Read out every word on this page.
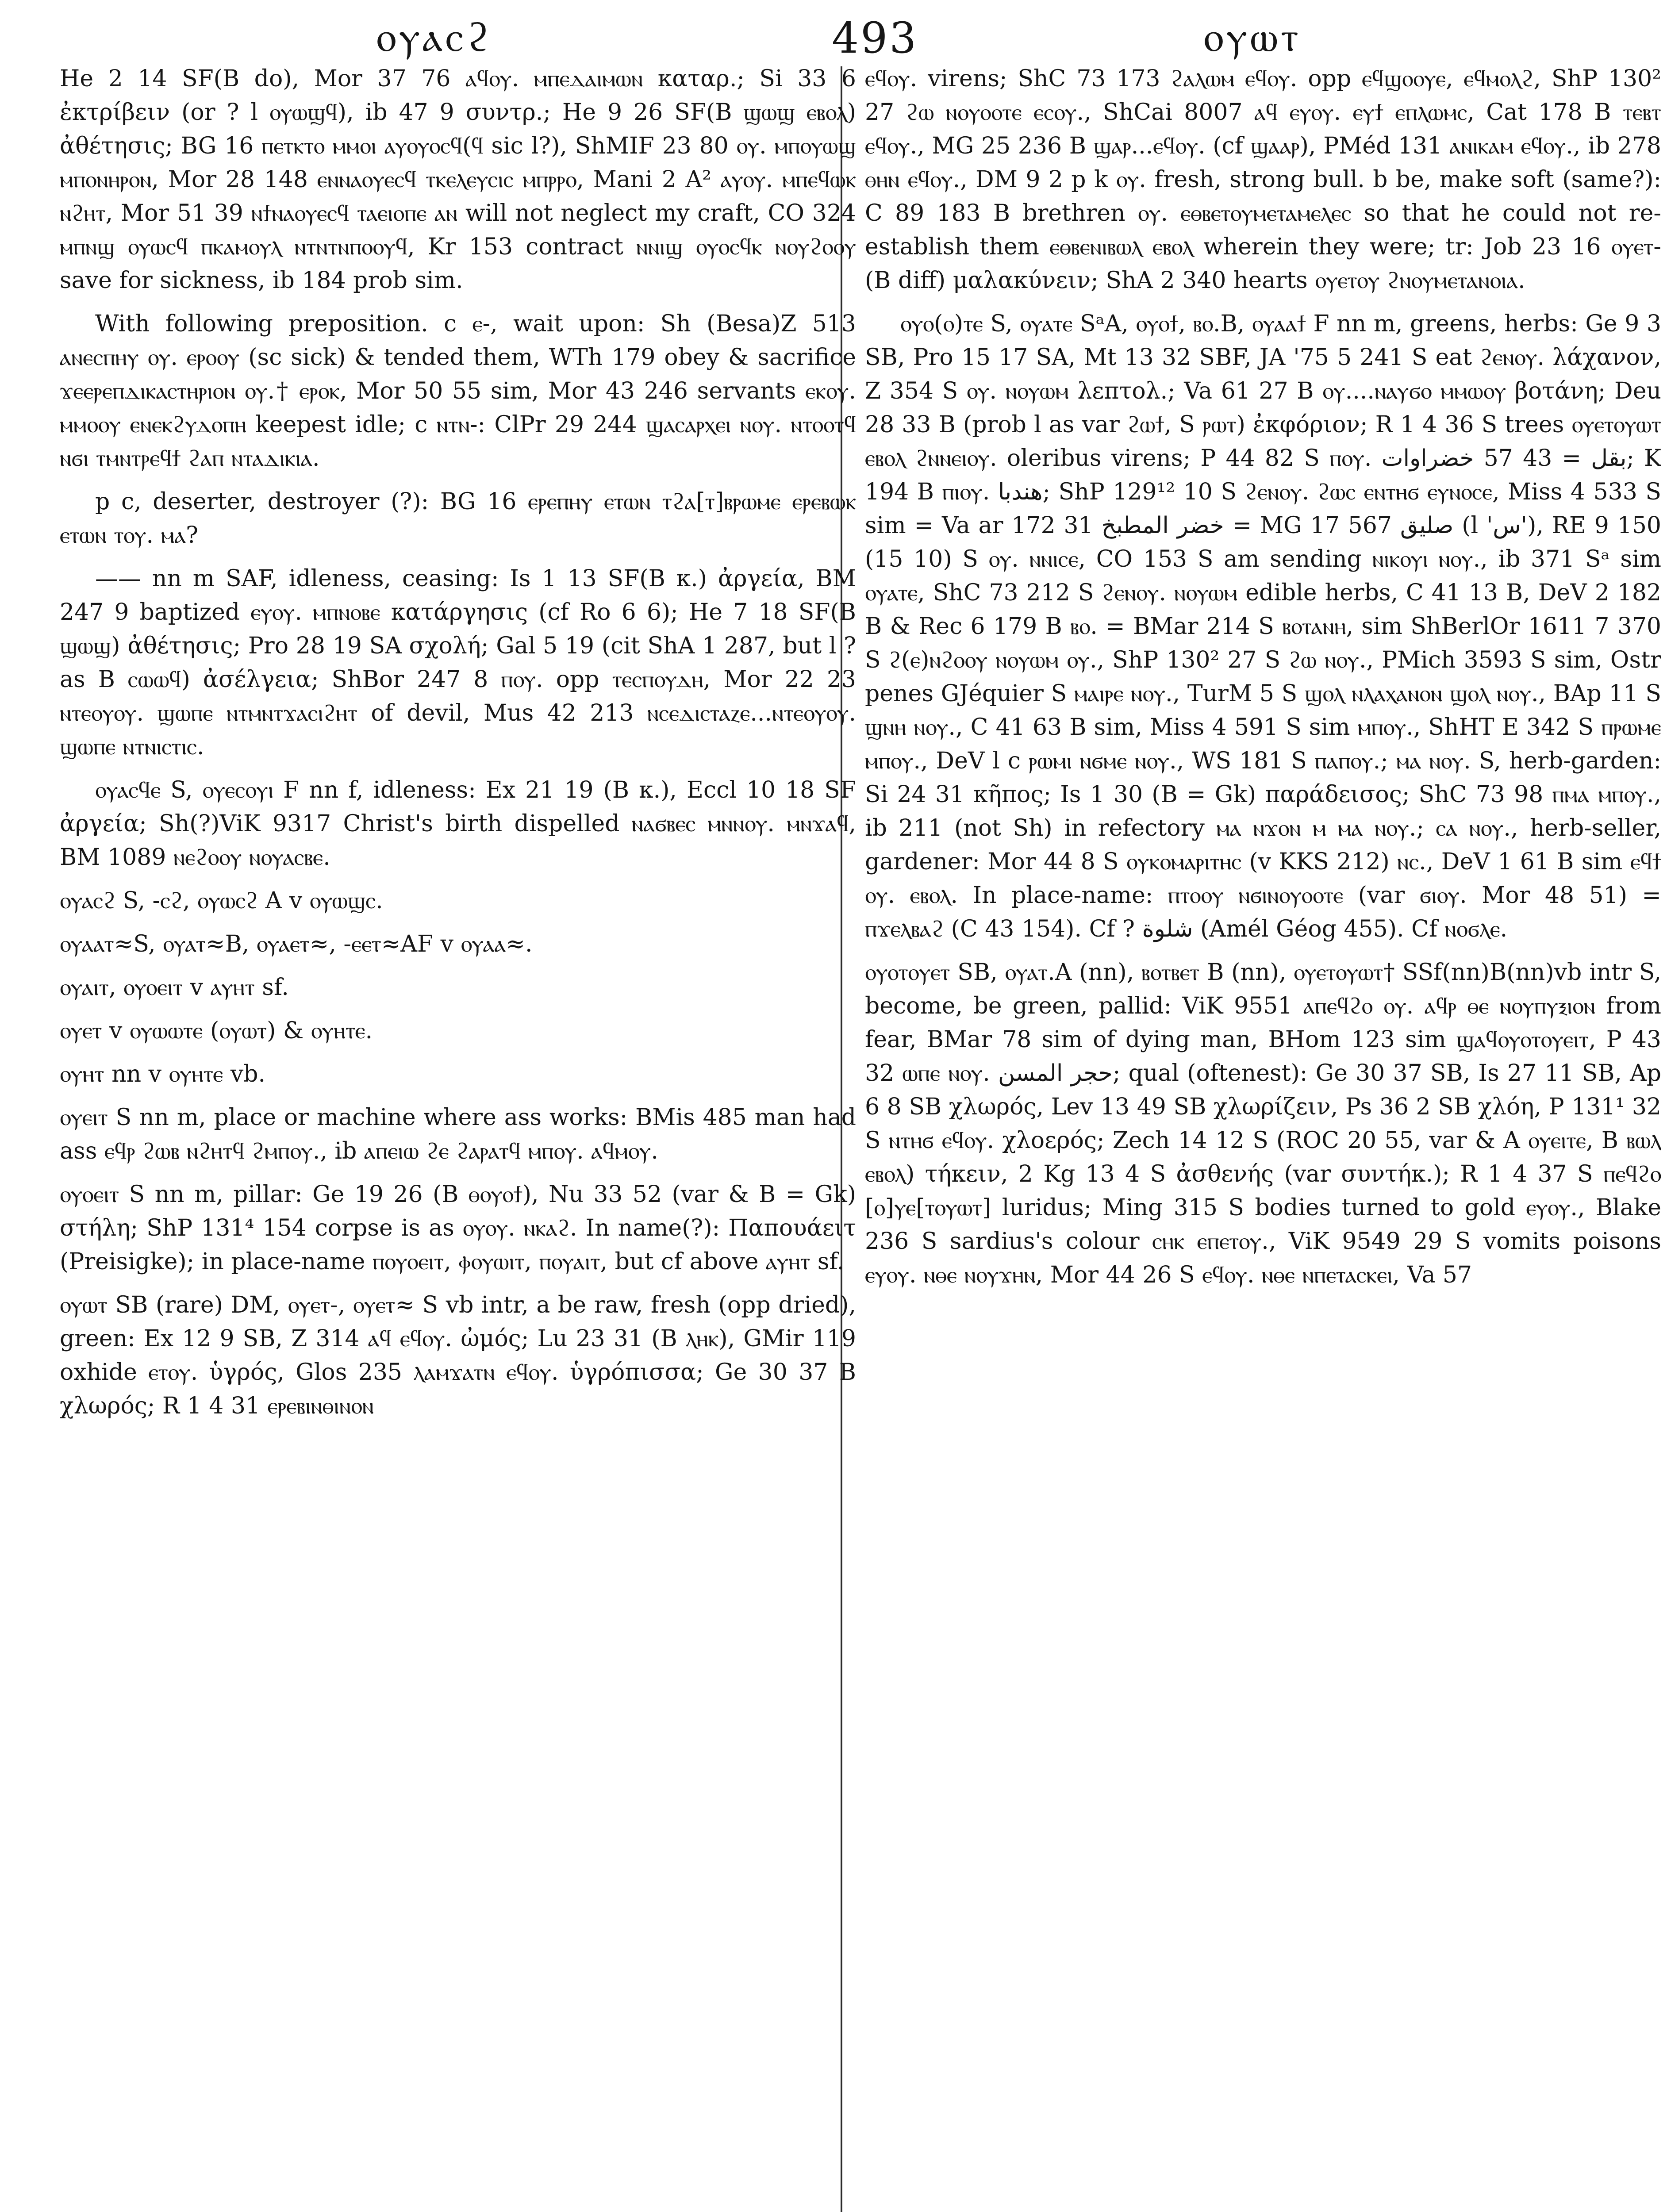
ⲟⲩⲁⲥϩ	493	ⲟⲩⲱⲧ

He 2 14 SF(B do), Mor 37 76 ⲁϥⲟⲩ. ⲙⲡⲉⲇⲁⲓⲙⲱⲛ καταρ.; Si 33 6 ἐκτρίβειν (or ? l ⲟⲩⲱϣϥ), ib 47 9 συντρ.; He 9 26 SF(B ϣⲱϣ ⲉⲃⲟⲗ) ἀθέτησις; BG 16 ⲡⲉⲧⲕⲧⲟ ⲙⲙⲟⲓ ⲁⲩⲟⲩⲟⲥϥ(ϥ sic l?), ShMIF 23 80 ⲟⲩ. ⲙⲡⲟⲩⲱϣ ⲙⲡⲟⲛⲏⲣⲟⲛ, Mor 28 148 ⲉⲛⲛⲁⲟⲩⲉⲥϥ ⲧⲕⲉⲗⲉⲩⲥⲓⲥ ⲙⲡⲣⲣⲟ, Mani 2 A² ⲁⲩⲟⲩ. ⲙⲡⲉϥⲱⲕ ⲛϩⲏⲧ, Mor 51 39 ⲛϯⲛⲁⲟⲩⲉⲥϥ ⲧⲁⲉⲓⲟⲡⲉ ⲁⲛ will not neglect my craft, CO 324 ⲙⲡⲛϣ ⲟⲩⲱⲥϥ ⲡⲕⲁⲙⲟⲩⲗ ⲛⲧⲛⲧⲛⲡⲟⲟⲩϥ, Kr 153 contract ⲛⲛⲓϣ ⲟⲩⲟⲥϥⲕ ⲛⲟⲩϩⲟⲟⲩ save for sickness, ib 184 prob sim.

With following preposition. c ⲉ-, wait upon: Sh (Besa)Z 513 ⲁⲛⲉⲥⲡⲏⲩ ⲟⲩ. ⲉⲣⲟⲟⲩ (sc sick) & tended them, WTh 179 obey & sacrifice ϫⲉⲉⲣⲉⲡⲇⲓⲕⲁⲥⲧⲏⲣⲓⲟⲛ ⲟⲩ.† ⲉⲣⲟⲕ, Mor 50 55 sim, Mor 43 246 servants ⲉⲕⲟⲩ. ⲙⲙⲟⲟⲩ ⲉⲛⲉⲕϩⲩⲇⲟⲡⲏ keepest idle; c ⲛⲧⲛ-: ClPr 29 244 ϣⲁⲥⲁⲣⲭⲉⲓ ⲛⲟⲩ. ⲛⲧⲟⲟⲧϥ ⲛϭⲓ ⲧⲙⲛⲧⲣⲉϥϯ ϩⲁⲡ ⲛⲧⲁⲇⲓⲕⲓⲁ.

p c, deserter, destroyer (?): BG 16 ⲉⲣⲉⲡⲏⲩ ⲉⲧⲱⲛ ⲧϩⲁ[ⲧ]ⲃⲣⲱⲙⲉ ⲉⲣⲉⲃⲱⲕ ⲉⲧⲱⲛ ⲧⲟⲩ. ⲙⲁ?

—— nn m SAF, idleness, ceasing: Is 1 13 SF(B κ.) ἀργεία, BM 247 9 baptized ⲉⲩⲟⲩ. ⲙⲡⲛⲟⲃⲉ κατάργησις (cf Ro 6 6); He 7 18 SF(B ϣⲱϣ) ἀθέτησις; Pro 28 19 SA σχολή; Gal 5 19 (cit ShA 1 287, but l ? as B ⲥⲱⲱϥ) ἀσέλγεια; ShBor 247 8 ⲡⲟⲩ. opp ⲧⲉⲥⲡⲟⲩⲇⲏ, Mor 22 23 ⲛⲧⲉⲟⲩⲟⲩ. ϣⲱⲡⲉ ⲛⲧⲙⲛⲧϫⲁⲥⲓϩⲏⲧ of devil, Mus 42 213 ⲛⲥⲉⲇⲓⲥⲧⲁⲍⲉ...ⲛⲧⲉⲟⲩⲟⲩ. ϣⲱⲡⲉ ⲛⲧⲛⲓⲥⲧⲓⲥ.

ⲟⲩⲁⲥϥⲉ S, ⲟⲩⲉⲥⲟⲩⲓ F nn f, idleness: Ex 21 19 (B κ.), Eccl 10 18 SF ἀργεία; Sh(?)ViK 9317 Christ's birth dispelled ⲛⲁϭⲃⲉⲥ ⲙⲛⲛⲟⲩ. ⲙⲛϫⲁϥ, BM 1089 ⲛⲉϩⲟⲟⲩ ⲛⲟⲩⲁⲥⲃⲉ.

ⲟⲩⲁⲥϩ S, -ⲥϩ, ⲟⲩⲱⲥϩ A v ⲟⲩⲱϣⲥ.

ⲟⲩⲁⲁⲧ≈S, ⲟⲩⲁⲧ≈B, ⲟⲩⲁⲉⲧ≈, -ⲉⲉⲧ≈AF v ⲟⲩⲁⲁ≈.

ⲟⲩⲁⲓⲧ, ⲟⲩⲟⲉⲓⲧ v ⲁⲩⲏⲧ sf.

ⲟⲩⲉⲧ v ⲟⲩⲱⲱⲧⲉ (ⲟⲩⲱⲧ) & ⲟⲩⲏⲧⲉ.

ⲟⲩⲏⲧ nn v ⲟⲩⲏⲧⲉ vb.

ⲟⲩⲉⲓⲧ S nn m, place or machine where ass works: BMis 485 man had ass ⲉϥⲣ ϩⲱⲃ ⲛϩⲏⲧϥ ϩⲙⲡⲟⲩ., ib ⲁⲡⲉⲓⲱ ϩⲉ ϩⲁⲣⲁⲧϥ ⲙⲡⲟⲩ. ⲁϥⲙⲟⲩ.

ⲟⲩⲟⲉⲓⲧ S nn m, pillar: Ge 19 26 (B ⲑⲟⲩⲟϯ), Nu 33 52 (var & B = Gk) στήλη; ShP 131⁴ 154 corpse is as ⲟⲩⲟⲩ. ⲛⲕⲁϩ. In name(?): Παπουάειτ (Preisigke); in place-name ⲡⲟⲩⲟⲉⲓⲧ, ⲫⲟⲩⲱⲓⲧ, ⲡⲟⲩⲁⲓⲧ, but cf above ⲁⲩⲏⲧ sf.

ⲟⲩⲱⲧ SB (rare) DM, ⲟⲩⲉⲧ-, ⲟⲩⲉⲧ≈ S vb intr, a be raw, fresh (opp dried), green: Ex 12 9 SB, Z 314 ⲁϥ ⲉϥⲟⲩ. ὠμός; Lu 23 31 (B ⲗⲏⲕ), GMir 119 oxhide ⲉⲧⲟⲩ. ὑγρός, Glos 235 ⲗⲁⲙϫⲁⲧⲛ ⲉϥⲟⲩ. ὑγρόπισσα; Ge 30 37 B χλωρός; R 1 4 31 ⲉⲣⲉⲃⲓⲛⲑⲓⲛⲟⲛ

ⲉϥⲟⲩ. virens; ShC 73 173 ϩⲁⲗⲱⲙ ⲉϥⲟⲩ. opp ⲉϥϣⲟⲟⲩⲉ, ⲉϥⲙⲟⲗϩ, ShP 130² 27 ϩⲱ ⲛⲟⲩⲟⲟⲧⲉ ⲉⲥⲟⲩ., ShCai 8007 ⲁϥ ⲉⲩⲟⲩ. ⲉⲩϯ ⲉⲡⲗⲱⲙⲥ, Cat 178 B ⲧⲉⲃⲧ ⲉϥⲟⲩ., MG 25 236 B ϣⲁⲣ...ⲉϥⲟⲩ. (cf ϣⲁⲁⲣ), PMéd 131 ⲁⲛⲓⲕⲁⲙ ⲉϥⲟⲩ., ib 278 ⲑⲏⲛ ⲉϥⲟⲩ., DM 9 2 p k ⲟⲩ. fresh, strong bull. b be, make soft (same?): C 89 183 B brethren ⲟⲩ. ⲉⲑⲃⲉⲧⲟⲩⲙⲉⲧⲁⲙⲉⲗⲉⲥ so that he could not re-establish them ⲉⲑⲃⲉⲛⲓⲃⲱⲗ ⲉⲃⲟⲗ wherein they were; tr: Job 23 16 ⲟⲩⲉⲧ- (B diff) μαλακύνειν; ShA 2 340 hearts ⲟⲩⲉⲧⲟⲩ ϩⲛⲟⲩⲙⲉⲧⲁⲛⲟⲓⲁ.

ⲟⲩⲟ(ⲟ)ⲧⲉ S, ⲟⲩⲁⲧⲉ SᵃA, ⲟⲩⲟϯ, ⲃⲟ.B, ⲟⲩⲁⲁϯ F nn m, greens, herbs: Ge 9 3 SB, Pro 15 17 SA, Mt 13 32 SBF, JA '75 5 241 S eat ϩⲉⲛⲟⲩ. λάχανον, Z 354 S ⲟⲩ. ⲛⲟⲩⲱⲙ λεπτολ.; Va 61 27 B ⲟⲩ....ⲛⲁⲩϭⲟ ⲙⲙⲱⲟⲩ βοτάνη; Deu 28 33 B (prob l as var ϩⲱϯ, S ⲣⲱⲧ) ἐκφόριον; R 1 4 36 S trees ⲟⲩⲉⲧⲟⲩⲱⲧ ⲉⲃⲟⲗ ϩⲛⲛⲉⲓⲟⲩ. oleribus virens; P 44 82 S ⲡⲟⲩ. بقل = 43 57 خضراوات; K 194 B ⲡⲓⲟⲩ. هندبا; ShP 129¹² 10 S ϩⲉⲛⲟⲩ. ϩⲱⲥ ⲉⲛⲧⲏϭ ⲉⲩⲛⲟⲥⲉ, Miss 4 533 S sim = Va ar 172 31 خضر المطبخ = MG 17 567 صليق (l 'س'), RE 9 150 (15 10) S ⲟⲩ. ⲛⲛⲓⲥⲉ, CO 153 S am sending ⲛⲓⲕⲟⲩⲓ ⲛⲟⲩ., ib 371 Sᵃ sim ⲟⲩⲁⲧⲉ, ShC 73 212 S ϩⲉⲛⲟⲩ. ⲛⲟⲩⲱⲙ edible herbs, C 41 13 B, DeV 2 182 B & Rec 6 179 B ⲃⲟ. = BMar 214 S ⲃⲟⲧⲁⲛⲏ, sim ShBerlOr 1611 7 370 S ϩ(ⲉ)ⲛϩⲟⲟⲩ ⲛⲟⲩⲱⲙ ⲟⲩ., ShP 130² 27 S ϩⲱ ⲛⲟⲩ., PMich 3593 S sim, Ostr penes GJéquier S ⲙⲁⲓⲣⲉ ⲛⲟⲩ., TurM 5 S ϣⲟⲗ ⲛⲗⲁⲭⲁⲛⲟⲛ ϣⲟⲗ ⲛⲟⲩ., BAp 11 S ϣⲛⲏ ⲛⲟⲩ., C 41 63 B sim, Miss 4 591 S sim ⲙⲡⲟⲩ., ShHT E 342 S ⲡⲣⲱⲙⲉ ⲙⲡⲟⲩ., DeV l c ⲣⲱⲙⲓ ⲛϭⲙⲉ ⲛⲟⲩ., WS 181 S ⲡⲁⲡⲟⲩ.; ⲙⲁ ⲛⲟⲩ. S, herb-garden: Si 24 31 κῆπος; Is 1 30 (B = Gk) παράδεισος; ShC 73 98 ⲡⲙⲁ ⲙⲡⲟⲩ., ib 211 (not Sh) in refectory ⲙⲁ ⲛϫⲟⲛ ⲙ ⲙⲁ ⲛⲟⲩ.; ⲥⲁ ⲛⲟⲩ., herb-seller, gardener: Mor 44 8 S ⲟⲩⲕⲟⲙⲁⲣⲓⲧⲏⲥ (v KKS 212) ⲛⲥ., DeV 1 61 B sim ⲉϥϯ ⲟⲩ. ⲉⲃⲟⲗ. In place-name: ⲡⲧⲟⲟⲩ ⲛϭⲓⲛⲟⲩⲟⲟⲧⲉ (var ϭⲓⲟⲩ. Mor 48 51) = ⲡϫⲉⲗⲃⲁϩ (C 43 154). Cf ? شلوة (Amél Géog 455). Cf ⲛⲟϭⲗⲉ.

ⲟⲩⲟⲧⲟⲩⲉⲧ SB, ⲟⲩⲁⲧ.A (nn), ⲃⲟⲧⲃⲉⲧ B (nn), ⲟⲩⲉⲧⲟⲩⲱⲧ† SSf(nn)B(nn)vb intr S, become, be green, pallid: ViK 9551 ⲁⲡⲉϥϩⲟ ⲟⲩ. ⲁϥⲣ ⲑⲉ ⲛⲟⲩⲡⲩⲝⲓⲟⲛ from fear, BMar 78 sim of dying man, BHom 123 sim ϣⲁϥⲟⲩⲟⲧⲟⲩⲉⲓⲧ, P 43 32 ⲱⲡⲉ ⲛⲟⲩ. حجر المسن; qual (oftenest): Ge 30 37 SB, Is 27 11 SB, Ap 6 8 SB χλωρός, Lev 13 49 SB χλωρίζειν, Ps 36 2 SB χλόη, P 131¹ 32 S ⲛⲧⲏϭ ⲉϥⲟⲩ. χλοερός; Zech 14 12 S (ROC 20 55, var & A ⲟⲩⲉⲓⲧⲉ, B ⲃⲱⲗ ⲉⲃⲟⲗ) τήκειν, 2 Kg 13 4 S ἀσθενής (var συντήκ.); R 1 4 37 S ⲡⲉϥϩⲟ [ⲟ]ⲩⲉ[ⲧⲟⲩⲱⲧ] luridus; Ming 315 S bodies turned to gold ⲉⲩⲟⲩ., Blake 236 S sardius's colour ⲥⲏⲕ ⲉⲡⲉⲧⲟⲩ., ViK 9549 29 S vomits poisons ⲉⲩⲟⲩ. ⲛⲑⲉ ⲛⲟⲩϫⲏⲛ, Mor 44 26 S ⲉϥⲟⲩ. ⲛⲑⲉ ⲛⲡⲉⲧⲁⲥⲕⲉⲓ, Va 57
